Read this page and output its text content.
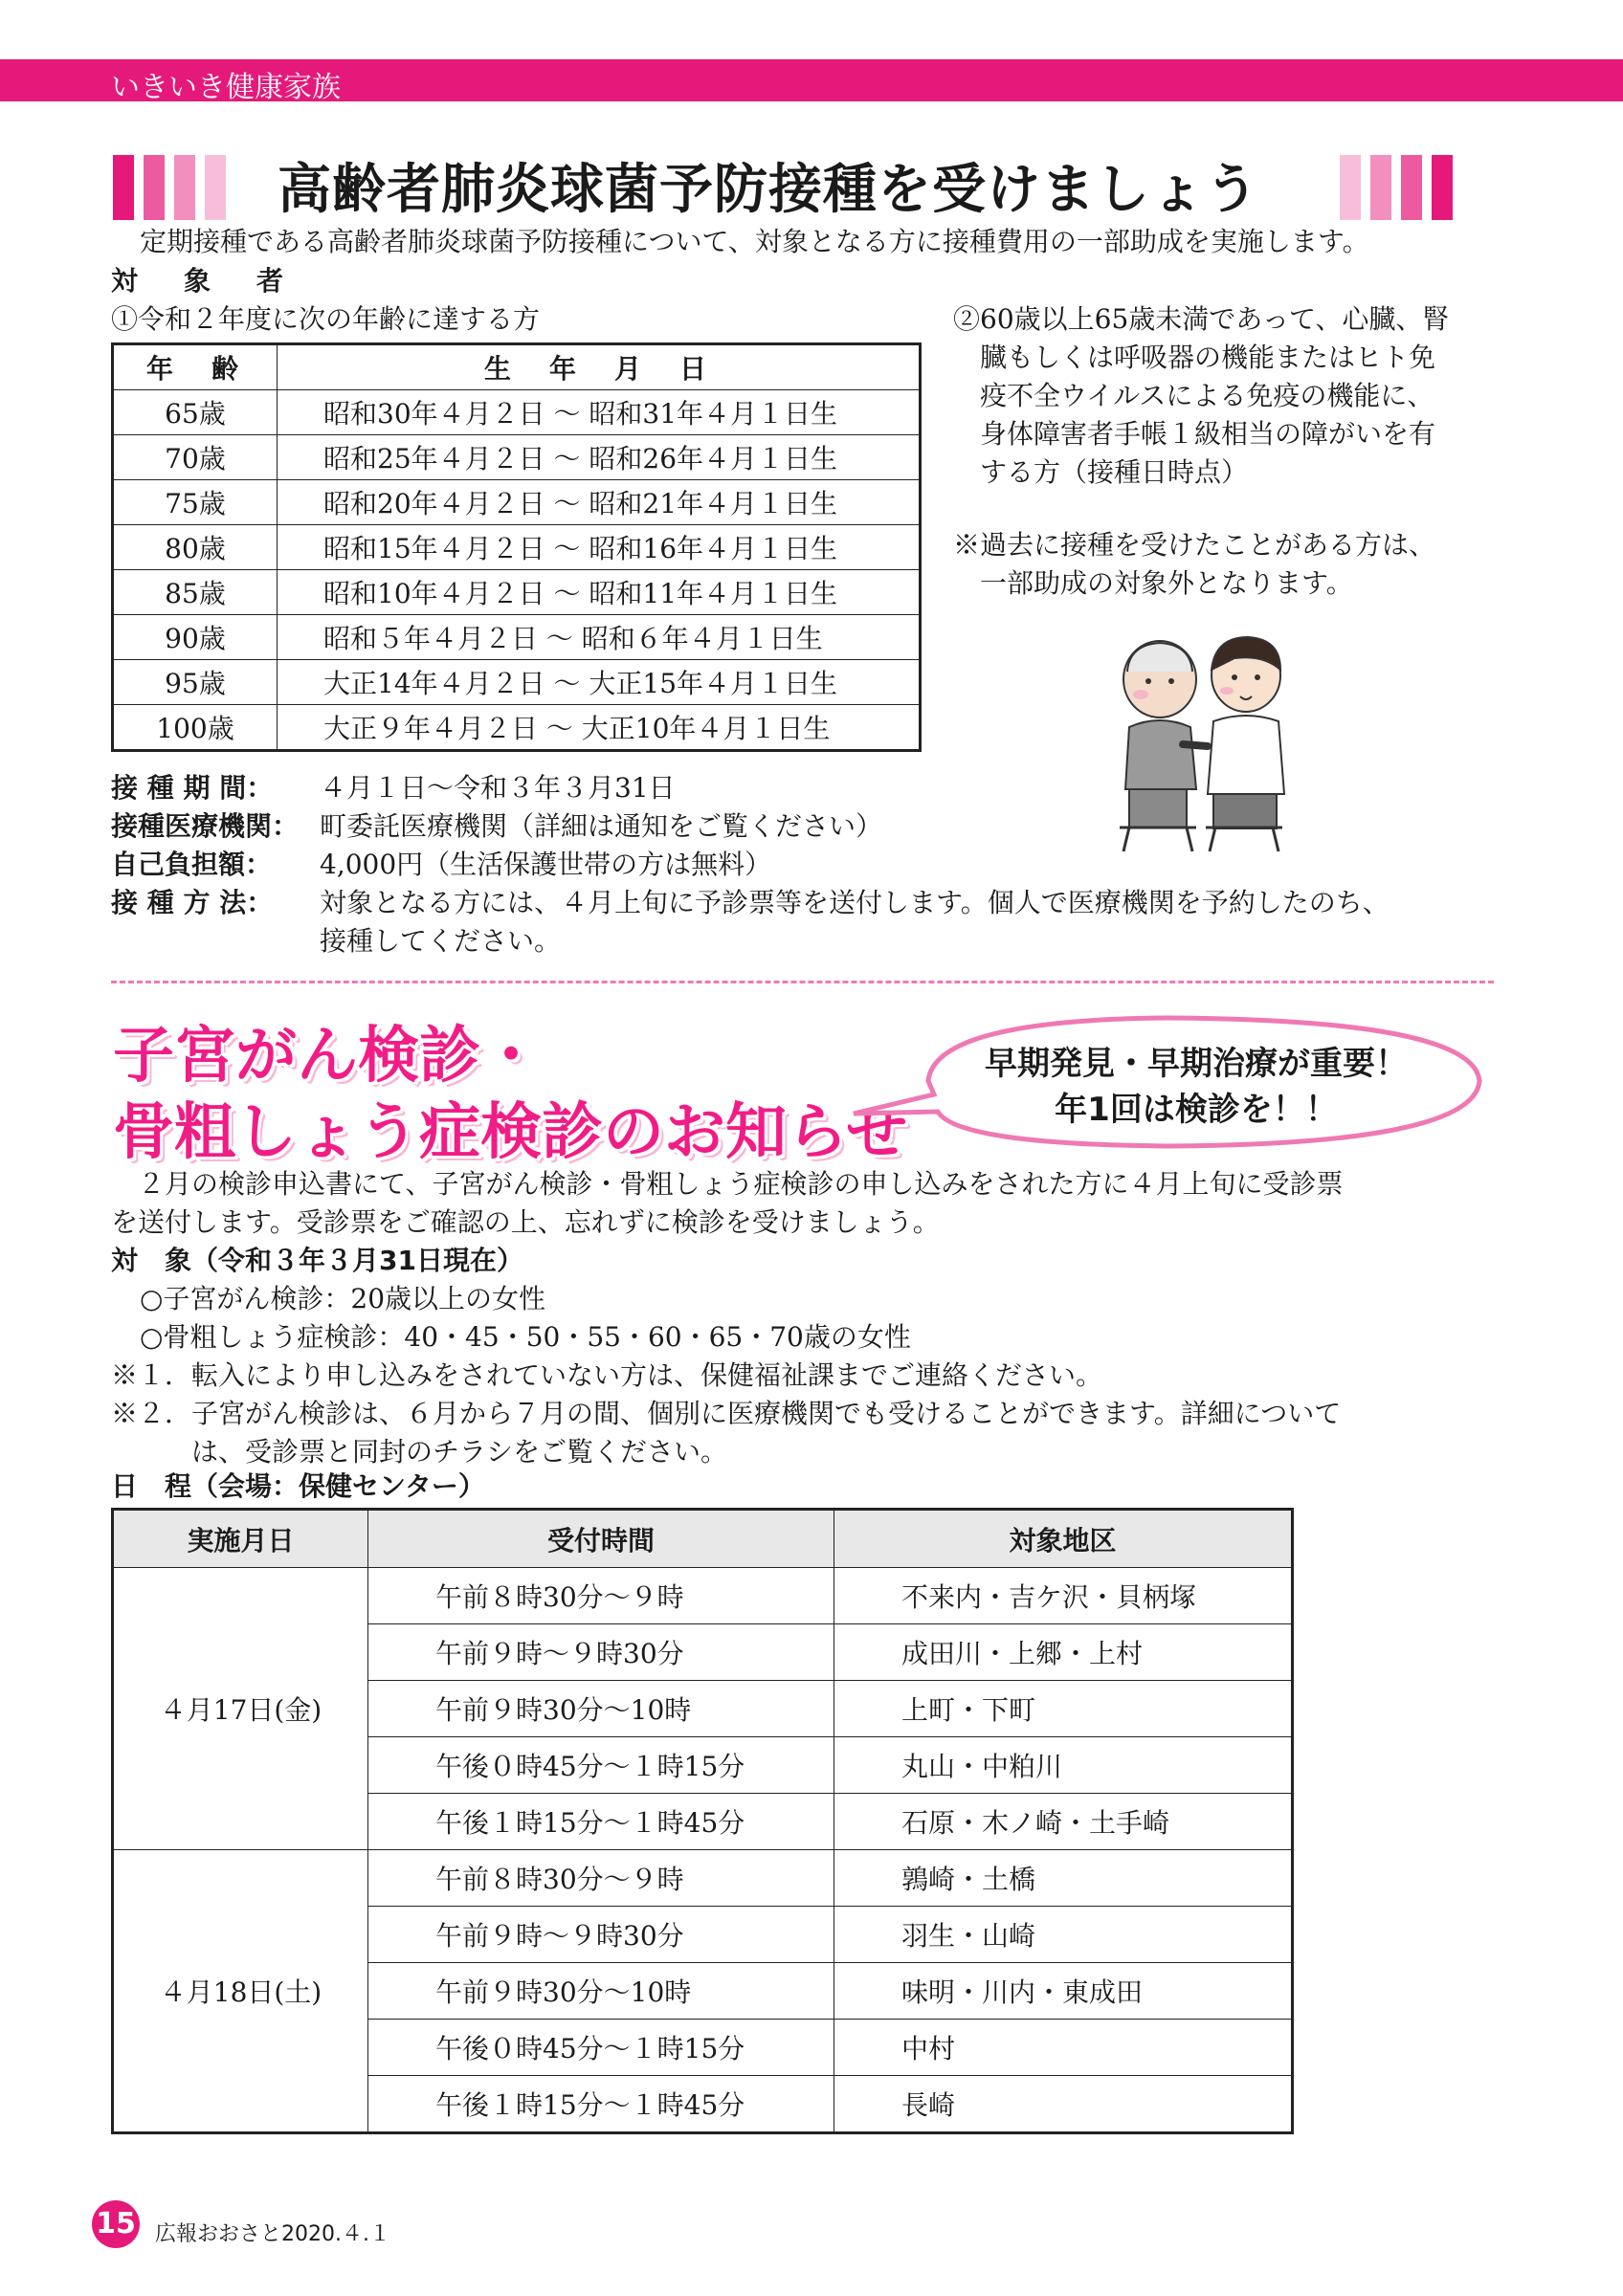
いきいき健康家族
高齢者肺炎球菌予防接種を受けましょう
定期接種である高齢者肺炎球菌予防接種について、対象となる方に接種費用の一部助成を実施します。
対　象　者
①令和２年度に次の年齢に達する方
年　齢	生　年　月　日
65歳	昭和30年４月２日 〜 昭和31年４月１日生
70歳	昭和25年４月２日 〜 昭和26年４月１日生
75歳	昭和20年４月２日 〜 昭和21年４月１日生
80歳	昭和15年４月２日 〜 昭和16年４月１日生
85歳	昭和10年４月２日 〜 昭和11年４月１日生
90歳	昭和５年４月２日 〜 昭和６年４月１日生
95歳	大正14年４月２日 〜 大正15年４月１日生
100歳	大正９年４月２日 〜 大正10年４月１日生
②60歳以上65歳未満であって、心臓、腎
　臓もしくは呼吸器の機能またはヒト免
　疫不全ウイルスによる免疫の機能に、
　身体障害者手帳１級相当の障がいを有
　する方（接種日時点）
※過去に接種を受けたことがある方は、
　一部助成の対象外となります。
接 種 期 間：	４月１日〜令和３年３月31日
接種医療機関： 町委託医療機関（詳細は通知をご覧ください）
自己負担額：	4,000円（生活保護世帯の方は無料）
接 種 方 法：	対象となる方には、４月上旬に予診票等を送付します。個人で医療機関を予約したのち、
接種してください。
子宮がん検診・
骨粗しょう症検診のお知らせ
早期発見・早期治療が重要！
年1回は検診を！！
　２月の検診申込書にて、子宮がん検診・骨粗しょう症検診の申し込みをされた方に４月上旬に受診票
を送付します。受診票をご確認の上、忘れずに検診を受けましょう。
対　象（令和３年３月31日現在）
○子宮がん検診：20歳以上の女性
○骨粗しょう症検診：40・45・50・55・60・65・70歳の女性
※１．転入により申し込みをされていない方は、保健福祉課までご連絡ください。
※２．子宮がん検診は、６月から７月の間、個別に医療機関でも受けることができます。詳細について
　　　は、受診票と同封のチラシをご覧ください。
日　程（会場：保健センター）
実施月日	受付時間	対象地区
４月17日(金)	午前８時30分〜９時	不来内・吉ケ沢・貝柄塚
	午前９時〜９時30分	成田川・上郷・上村
	午前９時30分〜10時	上町・下町
	午後０時45分〜１時15分	丸山・中粕川
	午後１時15分〜１時45分	石原・木ノ崎・土手崎
４月18日(土)	午前８時30分〜９時	鶉崎・土橋
	午前９時〜９時30分	羽生・山崎
	午前９時30分〜10時	味明・川内・東成田
	午後０時45分〜１時15分	中村
	午後１時15分〜１時45分	長崎
15 広報おおさと2020.４.１
